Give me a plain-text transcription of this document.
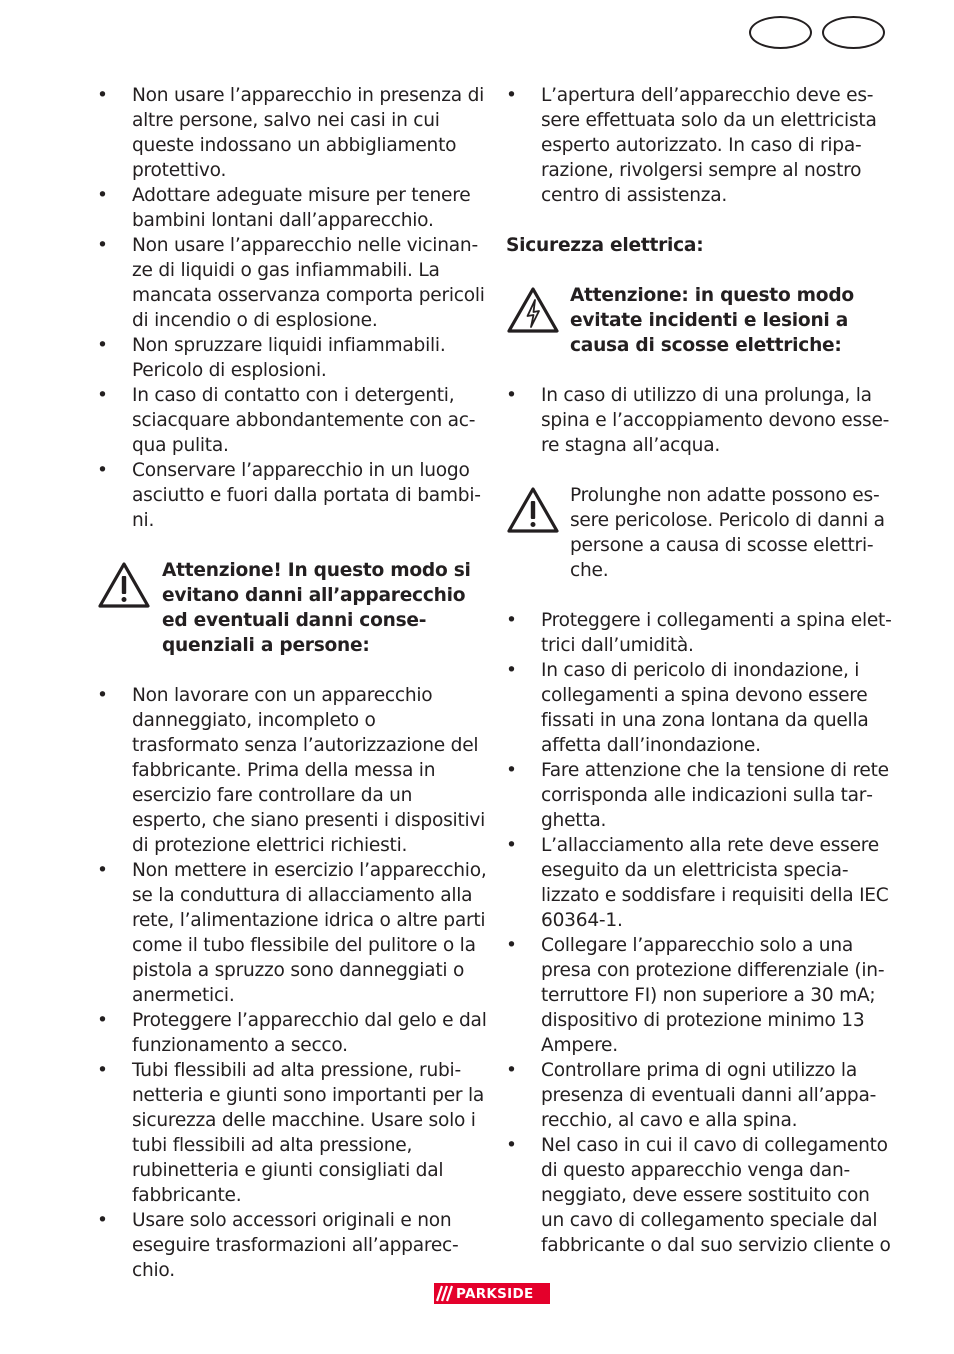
• Non usare l’apparecchio in presenza di altre persone, salvo nei casi in cui queste indossano un abbigliamento protettivo.
• Adottare adeguate misure per tenere bambini lontani dall’apparecchio.
• Non usare l’apparecchio nelle vicinanze di liquidi o gas infiammabili. La mancata osservanza comporta pericoli di incendio o di esplosione.
• Non spruzzare liquidi infiammabili. Pericolo di esplosioni.
• In caso di contatto con i detergenti, sciacquare abbondantemente con acqua pulita.
• Conservare l’apparecchio in un luogo asciutto e fuori dalla portata di bambini.
Attenzione! In questo modo si evitano danni all’apparecchio ed eventuali danni consequenziali a persone:
• Non lavorare con un apparecchio danneggiato, incompleto o trasformato senza l’autorizzazione del fabbricante. Prima della messa in esercizio fare controllare da un esperto, che siano presenti i dispositivi di protezione elettrici richiesti.
• Non mettere in esercizio l’apparecchio, se la conduttura di allacciamento alla rete, l’alimentazione idrica o altre parti come il tubo flessibile del pulitore o la pistola a spruzzo sono danneggiati o anermetici.
• Proteggere l’apparecchio dal gelo e dal funzionamento a secco.
• Tubi flessibili ad alta pressione, rubinetteria e giunti sono importanti per la sicurezza delle macchine. Usare solo i tubi flessibili ad alta pressione, rubinetteria e giunti consigliati dal fabbricante.
• Usare solo accessori originali e non eseguire trasformazioni all’apparecchio.
• L’apertura dell’apparecchio deve essere effettuata solo da un elettricista esperto autorizzato. In caso di riparazione, rivolgersi sempre al nostro centro di assistenza.
Sicurezza elettrica:
Attenzione: in questo modo evitate incidenti e lesioni a causa di scosse elettriche:
• In caso di utilizzo di una prolunga, la spina e l’accoppiamento devono essere stagna all’acqua.
Prolunghe non adatte possono essere pericolose. Pericolo di danni a persone a causa di scosse elettriche.
• Proteggere i collegamenti a spina elettrici dall’umidità.
• In caso di pericolo di inondazione, i collegamenti a spina devono essere fissati in una zona lontana da quella affetta dall’inondazione.
• Fare attenzione che la tensione di rete corrisponda alle indicazioni sulla targhetta.
• L’allacciamento alla rete deve essere eseguito da un elettricista specializzato e soddisfare i requisiti della IEC 60364-1.
• Collegare l’apparecchio solo a una presa con protezione differenziale (interruttore FI) non superiore a 30 mA; dispositivo di protezione minimo 13 Ampere.
• Controllare prima di ogni utilizzo la presenza di eventuali danni all’apparecchio, al cavo e alla spina.
• Nel caso in cui il cavo di collegamento di questo apparecchio venga danneggiato, deve essere sostituito con un cavo di collegamento speciale dal fabbricante o dal suo servizio cliente o
PARKSIDE
